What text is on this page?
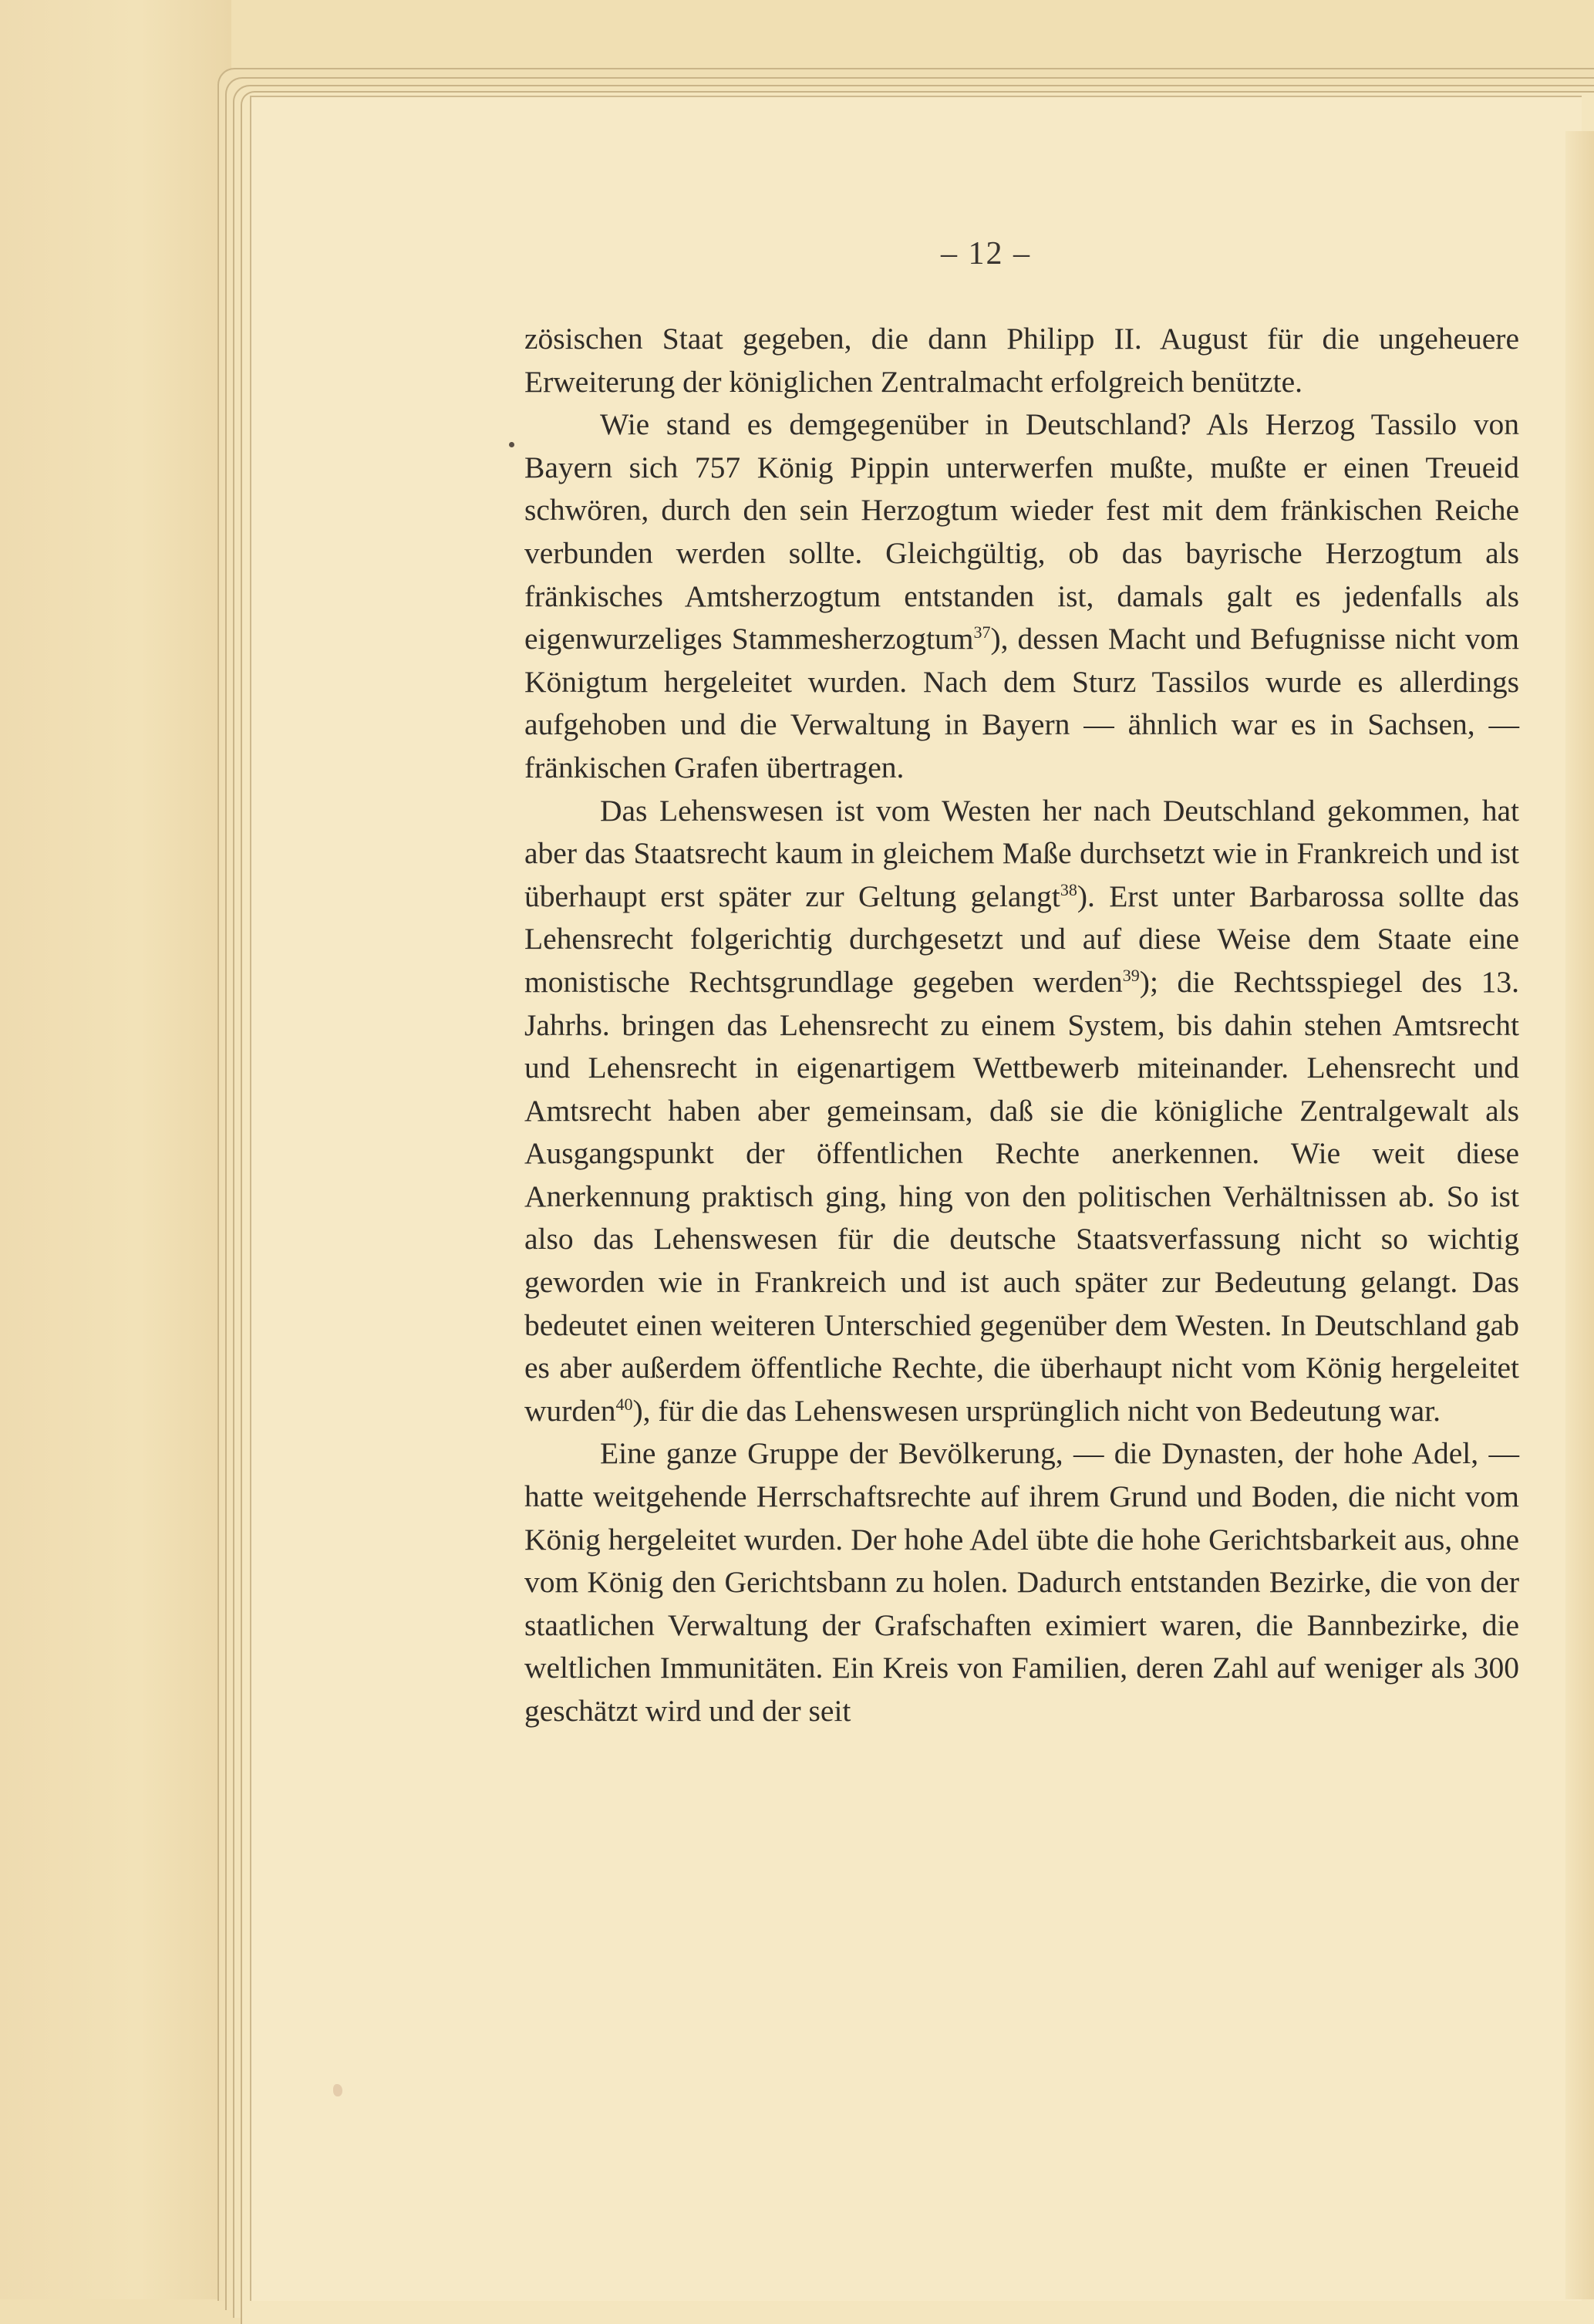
– 12 –

zösischen Staat gegeben, die dann Philipp II. August für die ungeheuere Erweiterung der königlichen Zentralmacht erfolgreich benützte.

Wie stand es demgegenüber in Deutschland? Als Herzog Tassilo von Bayern sich 757 König Pippin unterwerfen mußte, mußte er einen Treueid schwören, durch den sein Herzogtum wieder fest mit dem fränkischen Reiche verbunden werden sollte. Gleichgültig, ob das bayrische Herzogtum als fränkisches Amtsherzogtum entstanden ist, damals galt es jedenfalls als eigenwurzeliges Stammesherzogtum$^{37}$), dessen Macht und Befugnisse nicht vom Königtum hergeleitet wurden. Nach dem Sturz Tassilos wurde es allerdings aufgehoben und die Verwaltung in Bayern — ähnlich war es in Sachsen, — fränkischen Grafen übertragen.

Das Lehenswesen ist vom Westen her nach Deutschland gekommen, hat aber das Staatsrecht kaum in gleichem Maße durchsetzt wie in Frankreich und ist überhaupt erst später zur Geltung gelangt$^{38}$). Erst unter Barbarossa sollte das Lehensrecht folgerichtig durchgesetzt und auf diese Weise dem Staate eine monistische Rechtsgrundlage gegeben werden$^{39}$); die Rechtsspiegel des 13. Jahrhs. bringen das Lehensrecht zu einem System, bis dahin stehen Amtsrecht und Lehensrecht in eigenartigem Wettbewerb miteinander. Lehensrecht und Amtsrecht haben aber gemeinsam, daß sie die königliche Zentralgewalt als Ausgangspunkt der öffentlichen Rechte anerkennen. Wie weit diese Anerkennung praktisch ging, hing von den politischen Verhältnissen ab. So ist also das Lehenswesen für die deutsche Staatsverfassung nicht so wichtig geworden wie in Frankreich und ist auch später zur Bedeutung gelangt. Das bedeutet einen weiteren Unterschied gegenüber dem Westen. In Deutschland gab es aber außerdem öffentliche Rechte, die überhaupt nicht vom König hergeleitet wurden$^{40}$), für die das Lehenswesen ursprünglich nicht von Bedeutung war.

Eine ganze Gruppe der Bevölkerung, — die Dynasten, der hohe Adel, — hatte weitgehende Herrschaftsrechte auf ihrem Grund und Boden, die nicht vom König hergeleitet wurden. Der hohe Adel übte die hohe Gerichtsbarkeit aus, ohne vom König den Gerichtsbann zu holen. Dadurch entstanden Bezirke, die von der staatlichen Verwaltung der Grafschaften eximiert waren, die Bannbezirke, die weltlichen Immunitäten. Ein Kreis von Familien, deren Zahl auf weniger als 300 geschätzt wird und der seit
